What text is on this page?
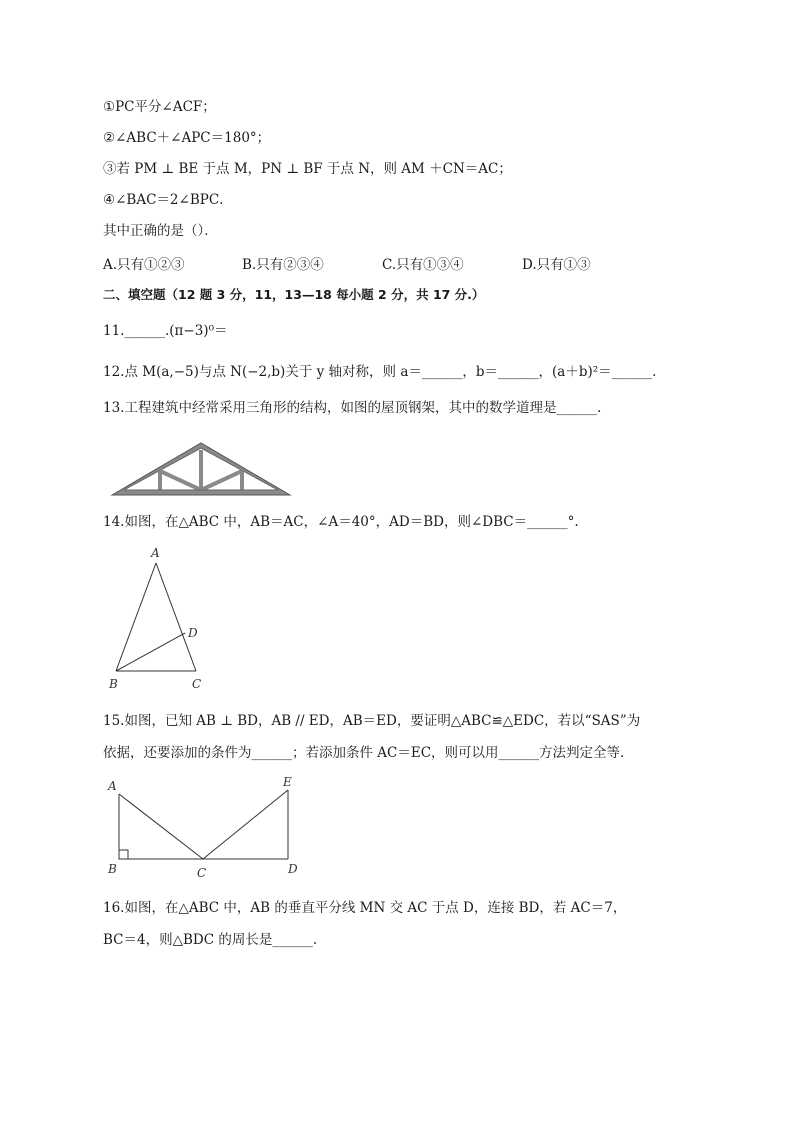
①PC平分∠ACF；
②∠ABC＋∠APC＝180°；
③若 PM ⊥ BE 于点 M，PN ⊥ BF 于点 N，则 AM ＋CN＝AC；
④∠BAC＝2∠BPC．
其中正确的是（）．
A.只有①②③	B.只有②③④	C.只有①③④	D.只有①③
二、填空题（12 题 3 分，11，13—18 每小题 2 分，共 17 分.）
11.______.(π−3)⁰＝
12.点 M(a,−5)与点 N(−2,b)关于 y 轴对称，则 a＝______，b＝______，(a＋b)²＝______.
13.工程建筑中经常采用三角形的结构，如图的屋顶钢架，其中的数学道理是______.
14.如图，在△ABC 中，AB＝AC，∠A＝40°，AD＝BD，则∠DBC＝______°.
A
B	C
D
15.如图，已知 AB ⊥ BD，AB // ED，AB＝ED，要证明△ABC≌△EDC，若以“SAS”为
依据，还要添加的条件为______；若添加条件 AC＝EC，则可以用______方法判定全等.
A
B	C	D
E
16.如图，在△ABC 中，AB 的垂直平分线 MN 交 AC 于点 D，连接 BD，若 AC＝7，
BC＝4，则△BDC 的周长是______.
